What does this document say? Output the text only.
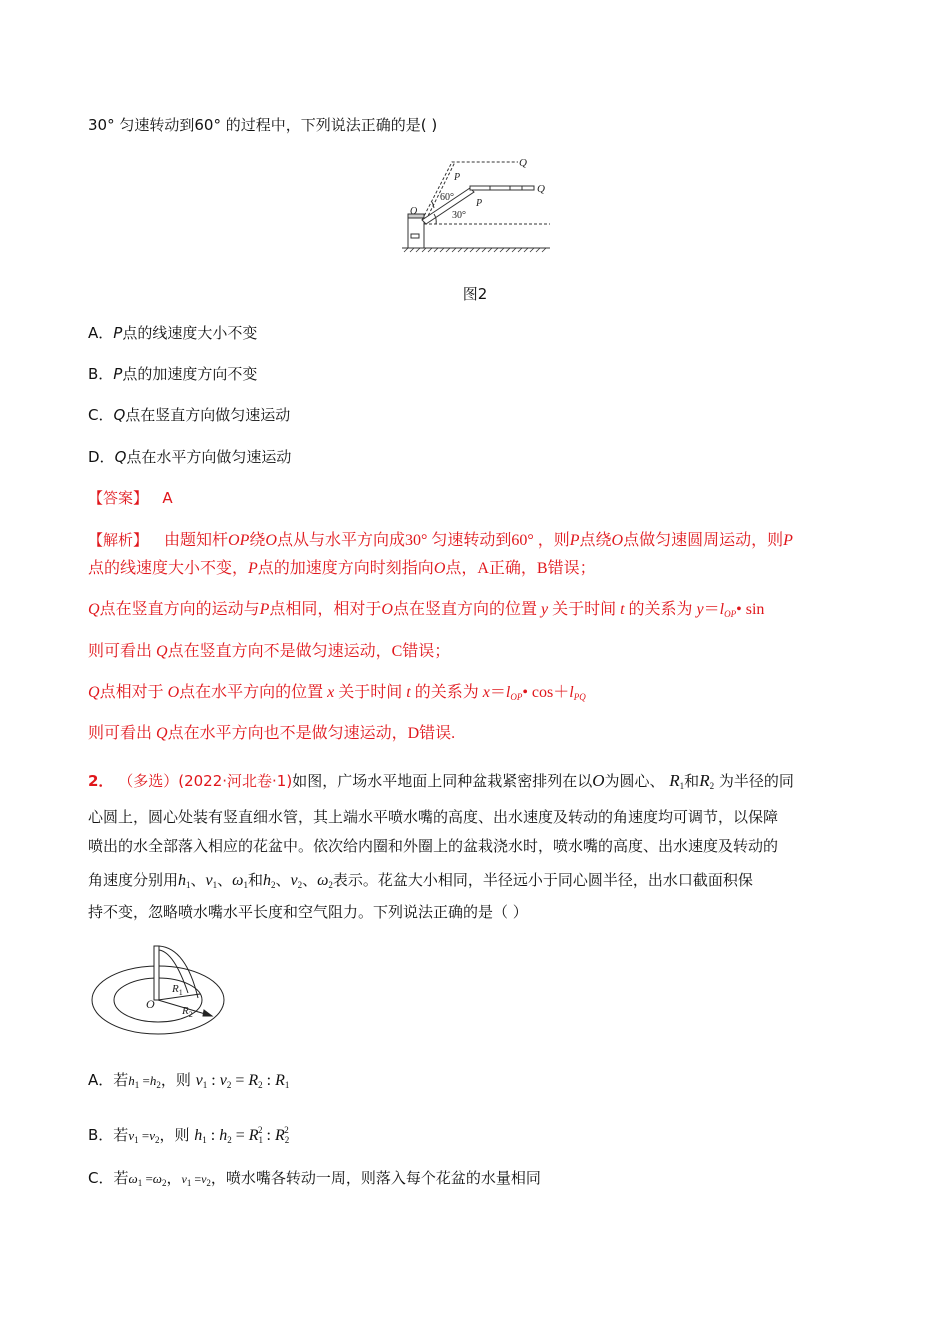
30° 匀速转动到60° 的过程中，下列说法正确的是( )
Q
Q
P
P
O
60°
30°
图2
A．P点的线速度大小不变
B．P点的加速度方向不变
C．Q点在竖直方向做匀速运动
D．Q点在水平方向做匀速运动
【答案】 A
【解析】 由题知杆OP绕O点从与水平方向成30° 匀速转动到60° ，则P点绕O点做匀速圆周运动，则P
点的线速度大小不变，P点的加速度方向时刻指向O点，A正确，B错误；
Q点在竖直方向的运动与P点相同，相对于O点在竖直方向的位置 y 关于时间 t 的关系为 $y=l_{OP}•$ sin
则可看出 Q点在竖直方向不是做匀速运动，C错误；
Q点相对于 O点在水平方向的位置 x 关于时间 t 的关系为 $x=l_{OP}•$ $\cos+l_{PQ}$
则可看出 Q点在水平方向也不是做匀速运动，D错误.
2． （多选）(2022·河北卷·1)如图，广场水平地面上同种盆栽紧密排列在以O为圆心、 $R_1$和$R_2$ 为半径的同
心圆上，圆心处装有竖直细水管，其上端水平喷水嘴的高度、出水速度及转动的角速度均可调节，以保障
喷出的水全部落入相应的花盆中。依次给内圈和外圈上的盆栽浇水时，喷水嘴的高度、出水速度及转动的
角速度分别用$h_1$、$v_1$、$\omega_1$和$h_2$、$v_2$、$\omega_2$表示。花盆大小相同，半径远小于同心圆半径，出水口截面积保
持不变，忽略喷水嘴水平长度和空气阻力。下列说法正确的是（ ）
O
$R_1$
$R_2$
A．若$h_1 =h_2$，则 $v_1$ : $v_2 = R_2$ : $R_1$
B．若$v_1 =v_2$，则 $h_1$ : $h_2 = R_1^2$ : $R_2^2$
C．若$\omega_1 =\omega_2$，$v_1 =v_2$，喷水嘴各转动一周，则落入每个花盆的水量相同
